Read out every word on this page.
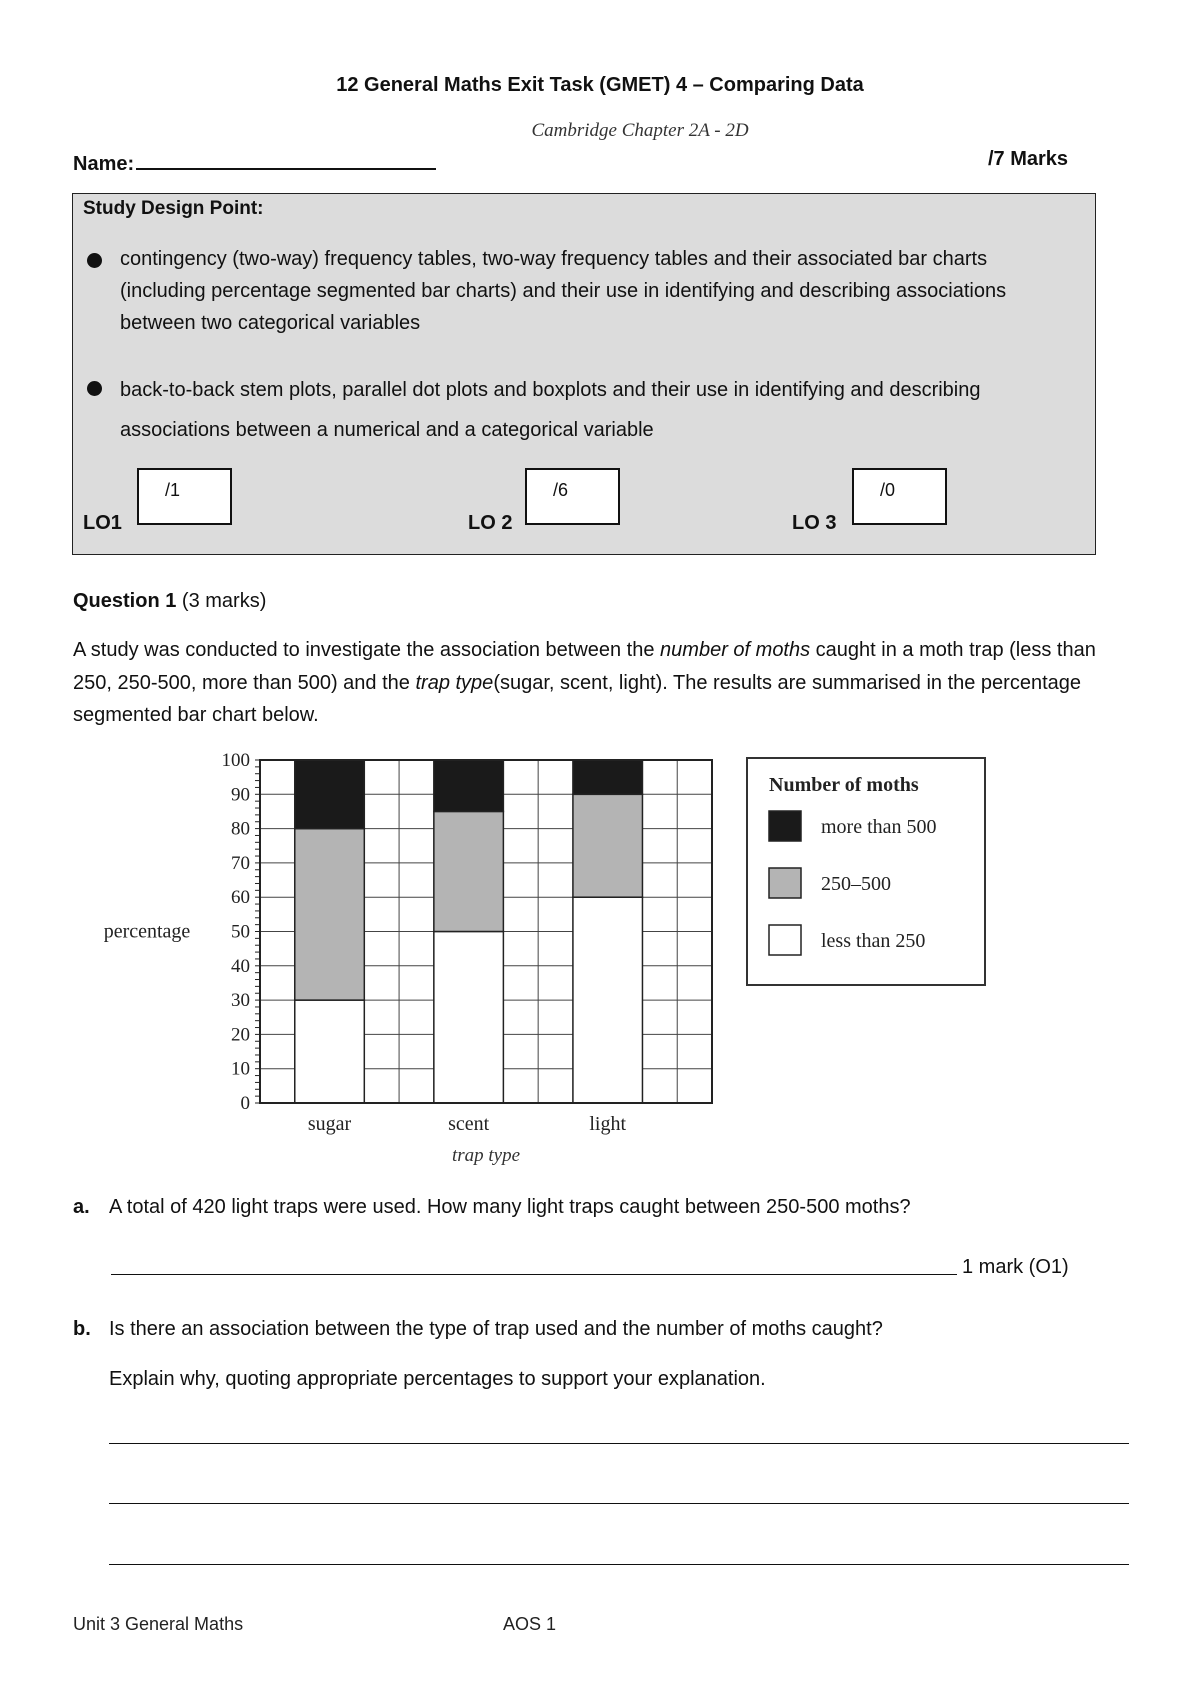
12 General Maths Exit Task (GMET) 4 – Comparing Data
Cambridge Chapter 2A - 2D
Name:	/7 Marks
Study Design Point:
contingency (two-way) frequency tables, two-way frequency tables and their associated bar charts (including percentage segmented bar charts) and their use in identifying and describing associations between two categorical variables
back-to-back stem plots, parallel dot plots and boxplots and their use in identifying and describing associations between a numerical and a categorical variable
LO1
/1
LO 2
/6
LO 3
/0
Question 1 (3 marks)
A study was conducted to investigate the association between the number of moths caught in a moth trap (less than 250, 250-500, more than 500) and the trap type(sugar, scent, light). The results are summarised in the percentage segmented bar chart below.
sugar	scent	light
0
10
20
30
40
50
60
70
80
90
100
percentage
trap type
Number of moths
more than 500
250–500
less than 250
a. A total of 420 light traps were used. How many light traps caught between 250-500 moths?
1 mark (O1)
b. Is there an association between the type of trap used and the number of moths caught?
Explain why, quoting appropriate percentages to support your explanation.
Unit 3 General Maths	AOS 1
